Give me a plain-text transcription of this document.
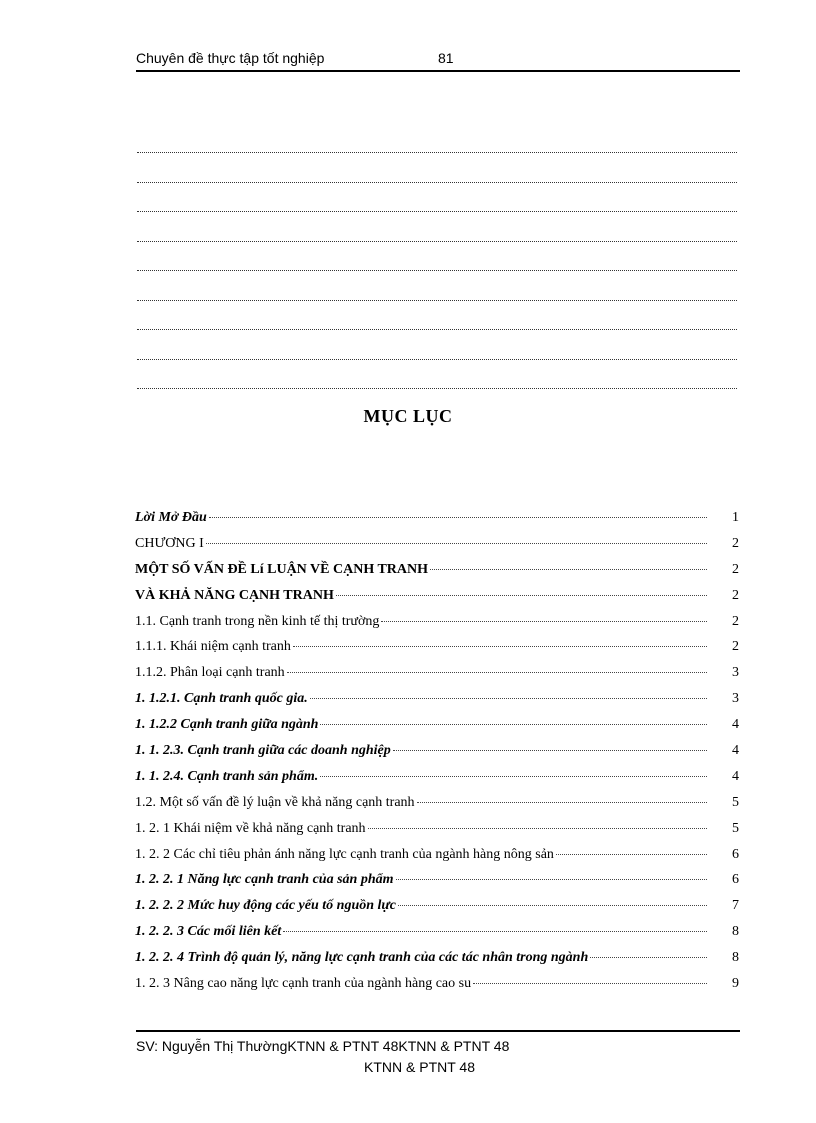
Chuyên đề thực tập tốt nghiệp	81
MỤC LỤC
Lời Mở Đầu	1
CHƯƠNG I	2
MỘT SỐ VẤN ĐỀ Lí LUẬN VỀ CẠNH TRANH	2
VÀ KHẢ NĂNG CẠNH TRANH	2
1.1. Cạnh tranh trong nền kinh tế thị trường	2
1.1.1. Khái niệm cạnh tranh	2
1.1.2. Phân loại cạnh tranh	3
1. 1.2.1. Cạnh tranh quốc gia.	3
1. 1.2.2 Cạnh tranh giữa ngành	4
1. 1. 2.3. Cạnh tranh giữa các doanh nghiệp	4
1. 1. 2.4. Cạnh tranh sản phẩm.	4
1.2. Một số vấn đề lý luận về khả năng cạnh tranh	5
1. 2. 1 Khái niệm về khả năng cạnh tranh	5
1. 2. 2 Các chỉ tiêu phản ánh năng lực cạnh tranh của ngành hàng nông sản	6
1. 2. 2. 1 Năng lực cạnh tranh của sản phẩm	6
1. 2. 2. 2 Mức huy động các yếu tố nguồn lực	7
1. 2. 2. 3 Các mối liên kết	8
1. 2. 2. 4 Trình độ quản lý, năng lực cạnh tranh của các tác nhân trong ngành	8
1. 2. 3 Nâng cao năng lực cạnh tranh của ngành hàng cao su	9
SV: Nguyễn Thị ThườngKTNN & PTNT 48KTNN & PTNT 48
KTNN & PTNT 48
